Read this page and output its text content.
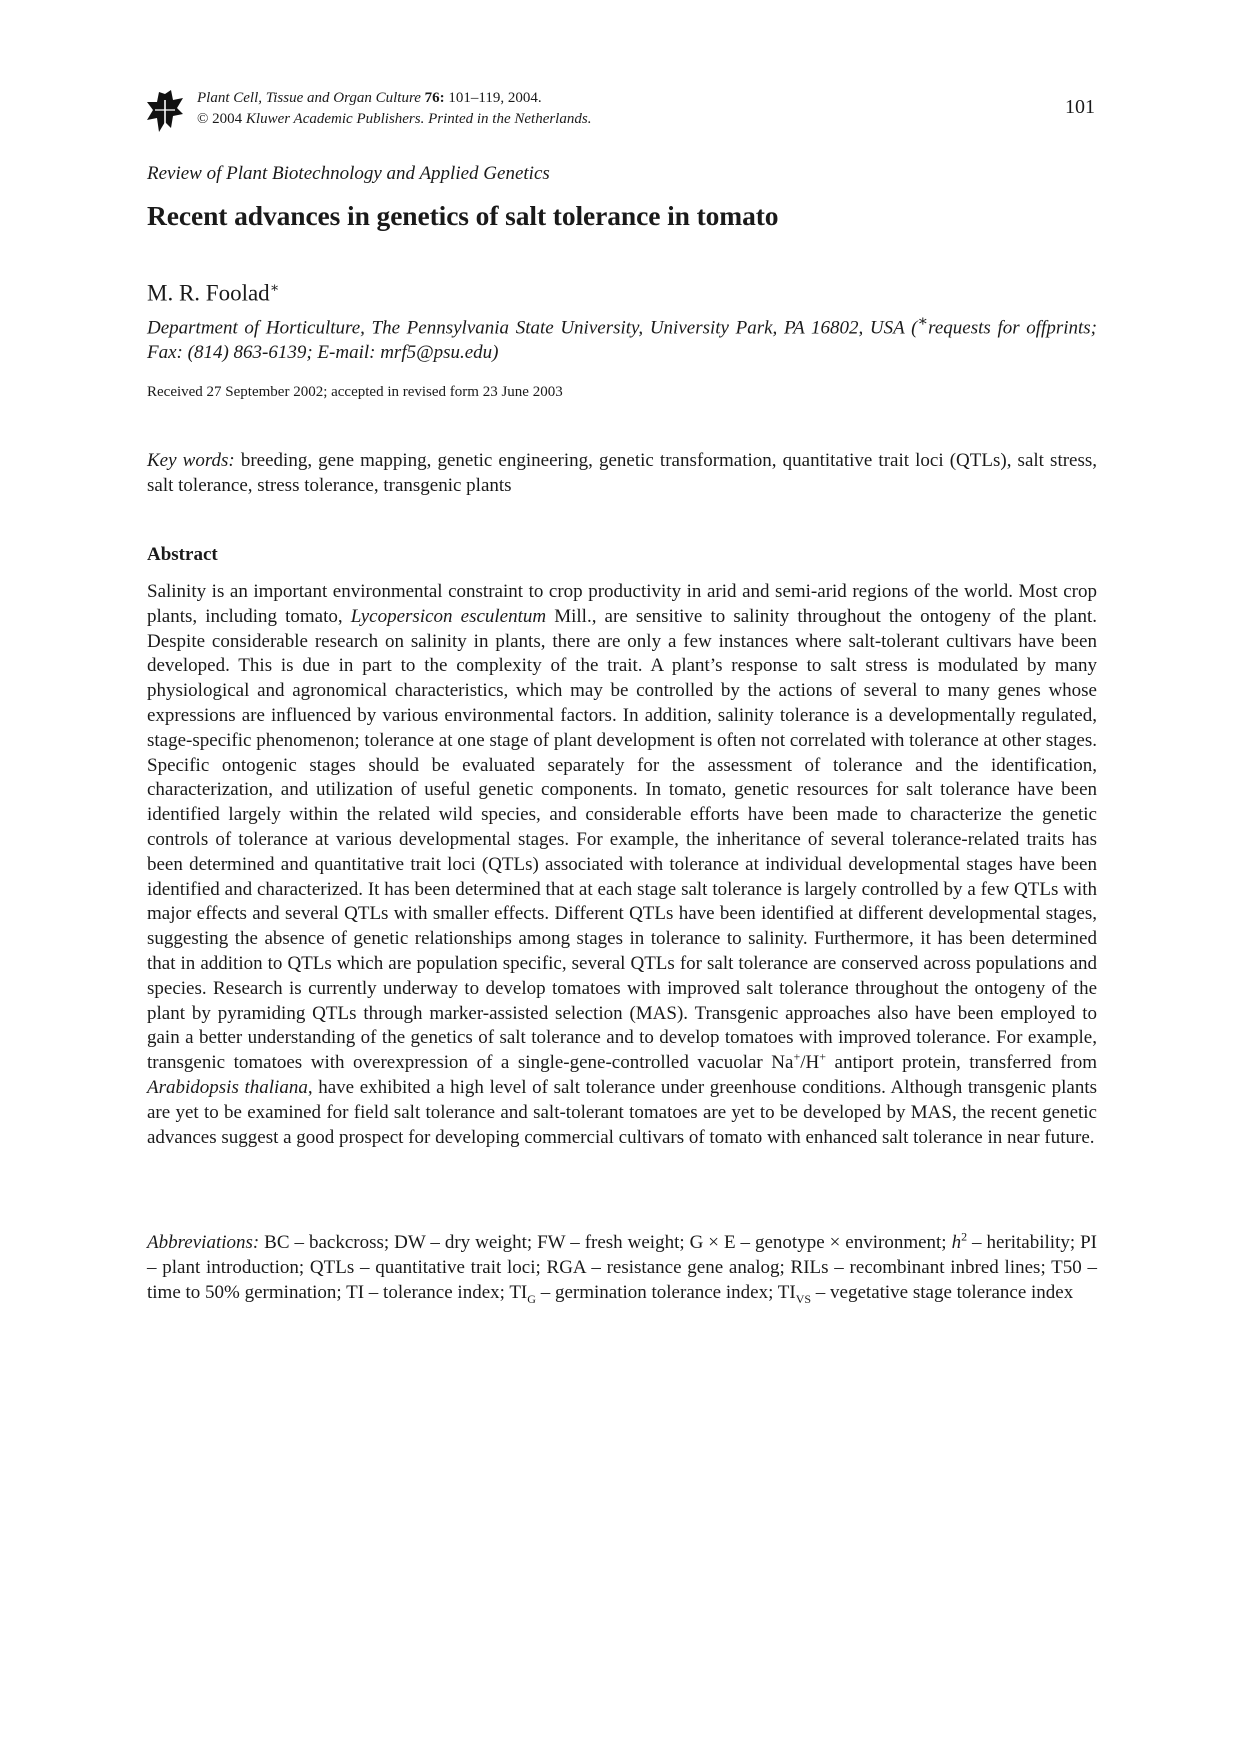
Plant Cell, Tissue and Organ Culture 76: 101–119, 2004.
© 2004 Kluwer Academic Publishers. Printed in the Netherlands.
101
Review of Plant Biotechnology and Applied Genetics
Recent advances in genetics of salt tolerance in tomato
M. R. Foolad∗
Department of Horticulture, The Pennsylvania State University, University Park, PA 16802, USA (∗requests for offprints; Fax: (814) 863-6139; E-mail: mrf5@psu.edu)
Received 27 September 2002; accepted in revised form 23 June 2003
Key words: breeding, gene mapping, genetic engineering, genetic transformation, quantitative trait loci (QTLs), salt stress, salt tolerance, stress tolerance, transgenic plants
Abstract

Salinity is an important environmental constraint to crop productivity in arid and semi-arid regions of the world. Most crop plants, including tomato, Lycopersicon esculentum Mill., are sensitive to salinity throughout the ontogeny of the plant. Despite considerable research on salinity in plants, there are only a few instances where salt-tolerant cultivars have been developed. This is due in part to the complexity of the trait. A plant’s response to salt stress is modulated by many physiological and agronomical characteristics, which may be controlled by the actions of several to many genes whose expressions are influenced by various environmental factors. In addition, salinity tolerance is a developmentally regulated, stage-specific phenomenon; tolerance at one stage of plant development is often not correlated with tolerance at other stages. Specific ontogenic stages should be evaluated separately for the assessment of tolerance and the identification, characterization, and utilization of useful genetic components. In tomato, genetic resources for salt tolerance have been identified largely within the related wild species, and considerable efforts have been made to characterize the genetic controls of tolerance at various developmental stages. For example, the inheritance of several tolerance-related traits has been determined and quantitative trait loci (QTLs) associated with tolerance at individual developmental stages have been identified and characterized. It has been determined that at each stage salt tolerance is largely controlled by a few QTLs with major effects and several QTLs with smaller effects. Different QTLs have been identified at different developmental stages, suggesting the absence of genetic relationships among stages in tolerance to salinity. Furthermore, it has been determined that in addition to QTLs which are population specific, several QTLs for salt tolerance are conserved across populations and species. Research is currently underway to develop tomatoes with improved salt tolerance throughout the ontogeny of the plant by pyramiding QTLs through marker-assisted selection (MAS). Transgenic approaches also have been employed to gain a better understanding of the genetics of salt tolerance and to develop tomatoes with improved tolerance. For example, transgenic tomatoes with overexpression of a single-gene-controlled vacuolar Na+/H+ antiport protein, transferred from Arabidopsis thaliana, have exhibited a high level of salt tolerance under greenhouse conditions. Although transgenic plants are yet to be examined for field salt tolerance and salt-tolerant tomatoes are yet to be developed by MAS, the recent genetic advances suggest a good prospect for developing commercial cultivars of tomato with enhanced salt tolerance in near future.

Abbreviations: BC – backcross; DW – dry weight; FW – fresh weight; G × E – genotype × environment; $h^2$ – heritability; PI – plant introduction; QTLs – quantitative trait loci; RGA – resistance gene analog; RILs – recombinant inbred lines; T50 – time to 50% germination; TI – tolerance index; $TI_G$ – germination tolerance index; $TI_{VS}$ – vegetative stage tolerance index
